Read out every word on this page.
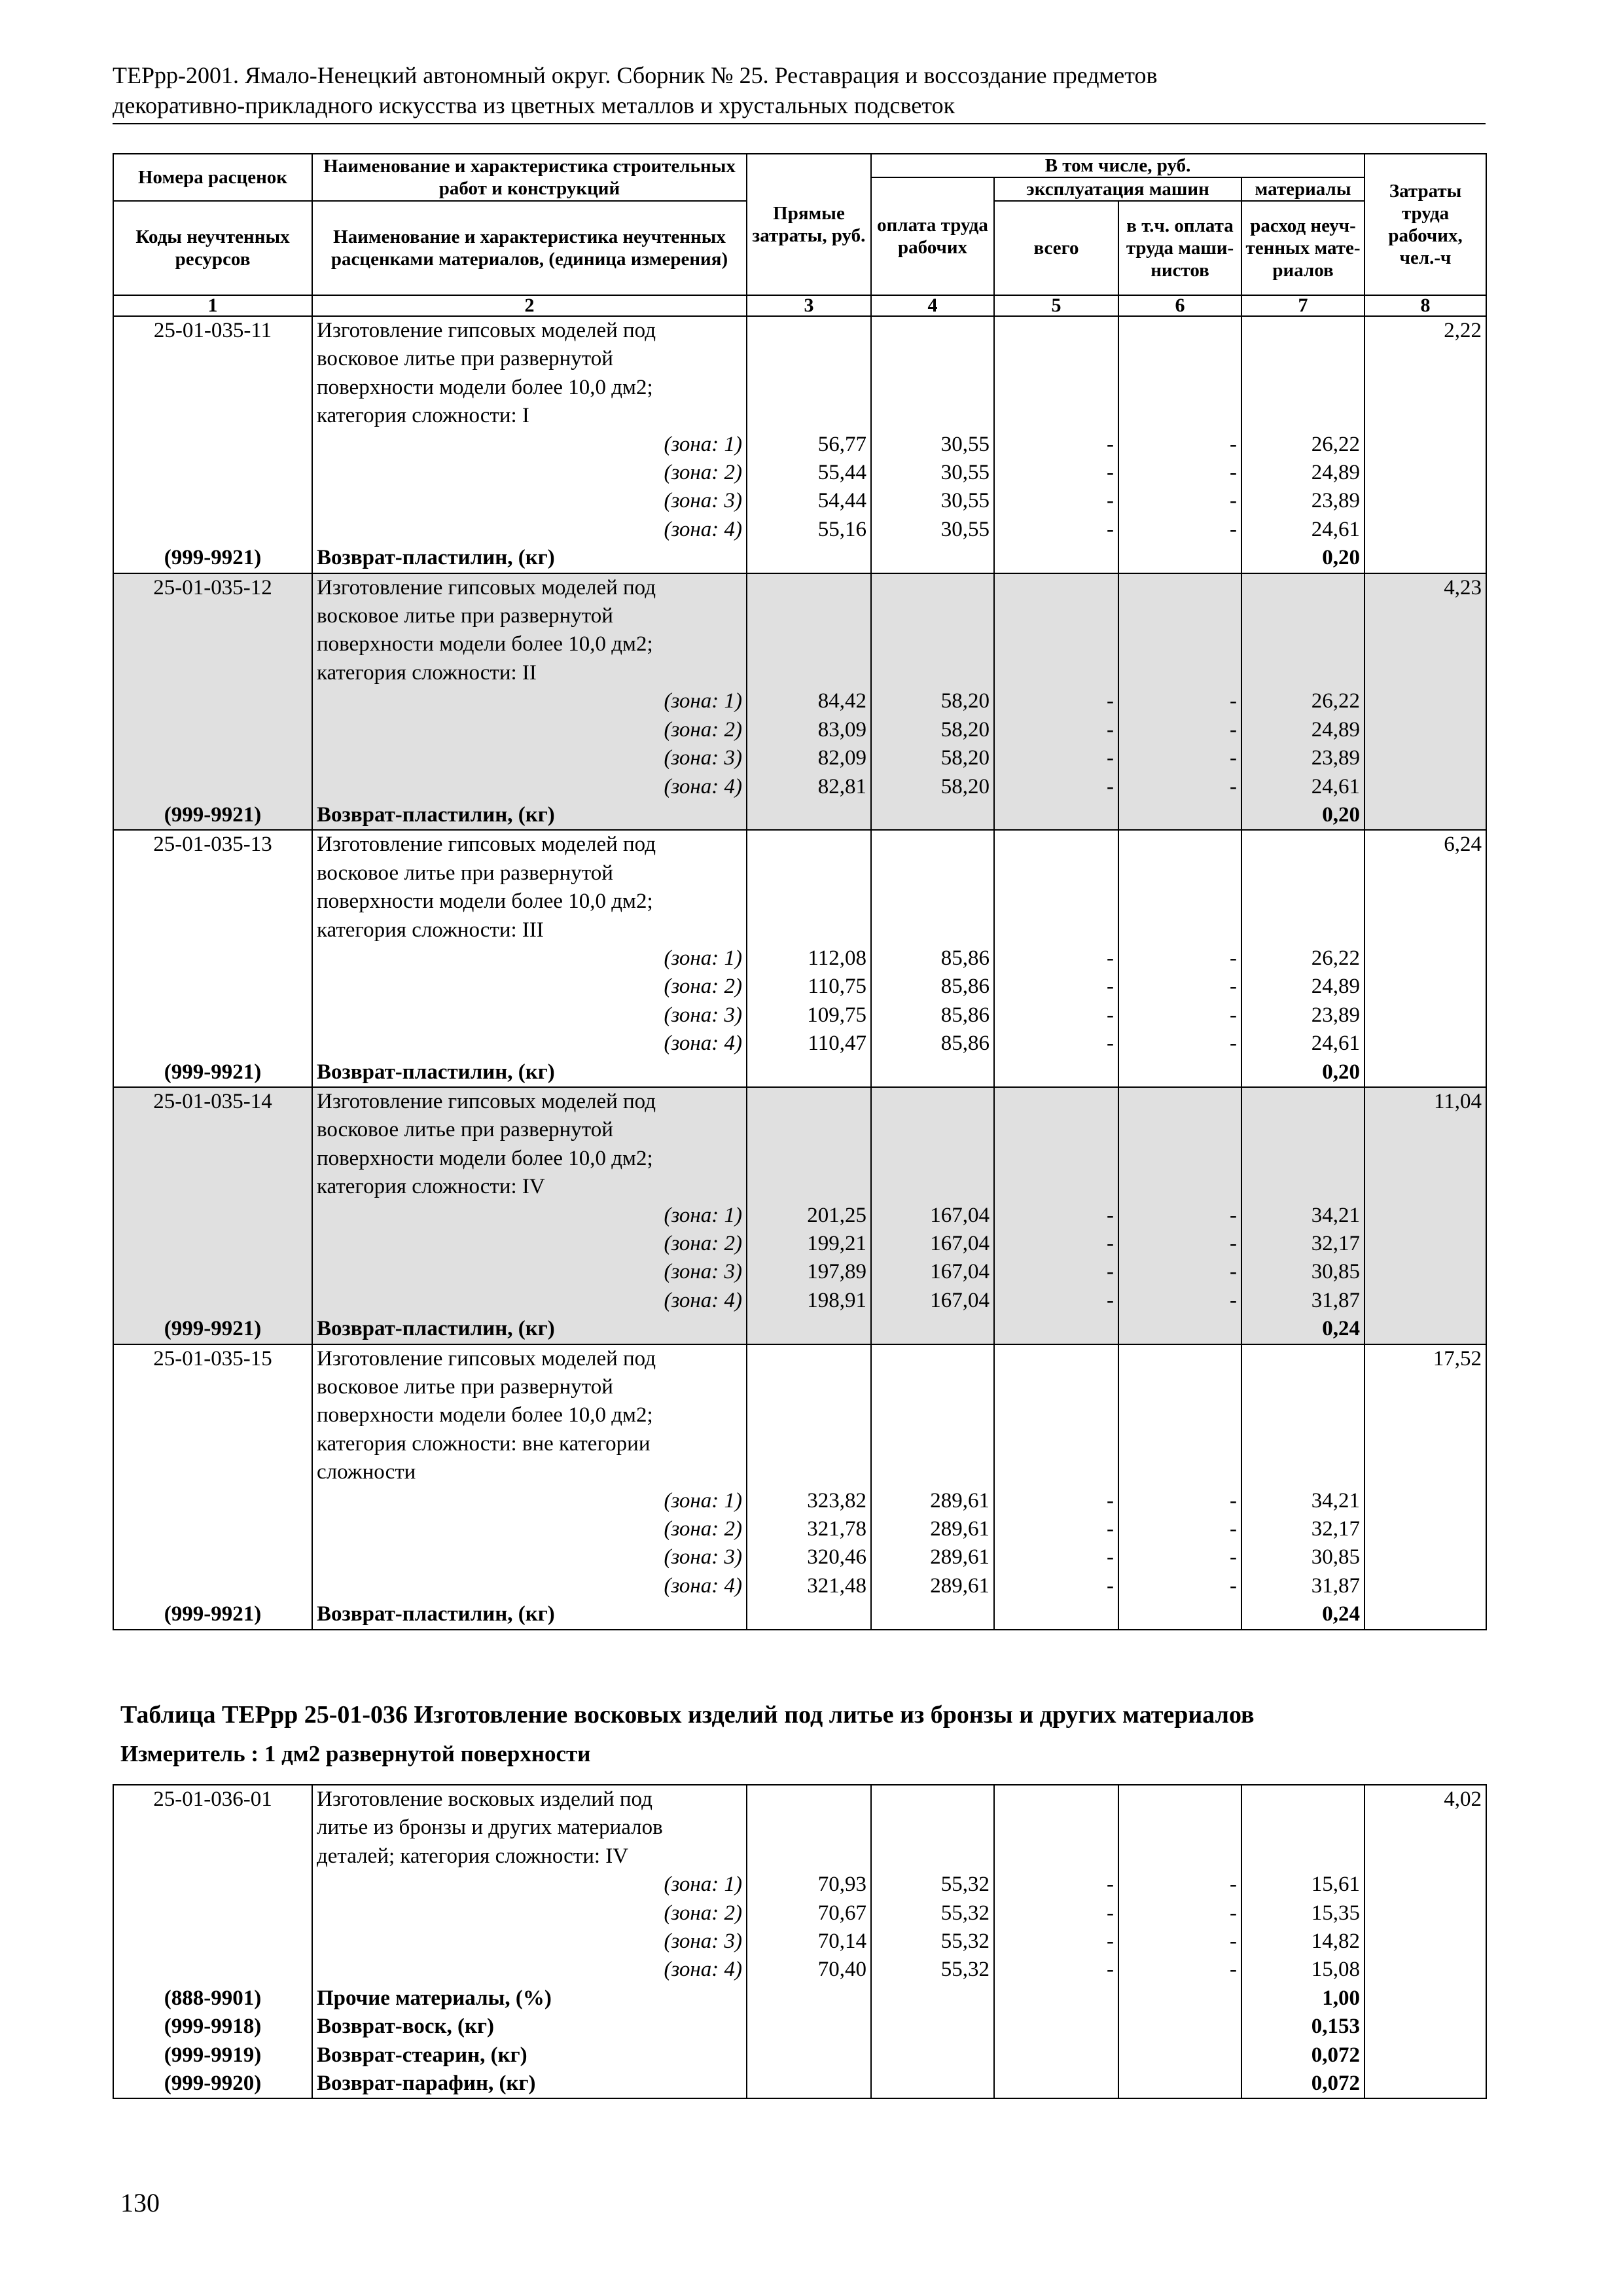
ТЕРрр-2001. Ямало-Ненецкий автономный округ. Сборник № 25. Реставрация и воссоздание предметов
декоративно-прикладного искусства из цветных металлов и хрустальных подсветок
Номера расценок	Наименование и характеристика строительных работ и конструкций	Прямые затраты, руб.	В том числе, руб.				Затраты труда рабочих, чел.-ч
			оплата труда рабочих	эксплуатация машин		материалы	
Коды неучтенных ресурсов	Наименование и характеристика неучтенных расценками материалов, (единица измерения)			всего	в т.ч. оплата труда маши-нистов	расход неуч-тенных мате-риалов	

1	2	3	4	5	6	7	8
25-01-035-11	Изготовление гипсовых моделей под						2,22
	восковое литье при развернутой						
	поверхности модели более 10,0 дм2;						
	категория сложности: I						
	(зона: 1)	56,77	30,55	-	-	26,22	
	(зона: 2)	55,44	30,55	-	-	24,89	
	(зона: 3)	54,44	30,55	-	-	23,89	
	(зона: 4)	55,16	30,55	-	-	24,61	
(999-9921)	Возврат-пластилин, (кг)					0,20	
25-01-035-12	Изготовление гипсовых моделей под						4,23
	восковое литье при развернутой						
	поверхности модели более 10,0 дм2;						
	категория сложности: II						
	(зона: 1)	84,42	58,20	-	-	26,22	
	(зона: 2)	83,09	58,20	-	-	24,89	
	(зона: 3)	82,09	58,20	-	-	23,89	
	(зона: 4)	82,81	58,20	-	-	24,61	
(999-9921)	Возврат-пластилин, (кг)					0,20	
25-01-035-13	Изготовление гипсовых моделей под						6,24
	восковое литье при развернутой						
	поверхности модели более 10,0 дм2;						
	категория сложности: III						
	(зона: 1)	112,08	85,86	-	-	26,22	
	(зона: 2)	110,75	85,86	-	-	24,89	
	(зона: 3)	109,75	85,86	-	-	23,89	
	(зона: 4)	110,47	85,86	-	-	24,61	
(999-9921)	Возврат-пластилин, (кг)					0,20	
25-01-035-14	Изготовление гипсовых моделей под						11,04
	восковое литье при развернутой						
	поверхности модели более 10,0 дм2;						
	категория сложности: IV						
	(зона: 1)	201,25	167,04	-	-	34,21	
	(зона: 2)	199,21	167,04	-	-	32,17	
	(зона: 3)	197,89	167,04	-	-	30,85	
	(зона: 4)	198,91	167,04	-	-	31,87	
(999-9921)	Возврат-пластилин, (кг)					0,24	
25-01-035-15	Изготовление гипсовых моделей под						17,52
	восковое литье при развернутой						
	поверхности модели более 10,0 дм2;						
	категория сложности: вне категории						
	сложности						
	(зона: 1)	323,82	289,61	-	-	34,21	
	(зона: 2)	321,78	289,61	-	-	32,17	
	(зона: 3)	320,46	289,61	-	-	30,85	
	(зона: 4)	321,48	289,61	-	-	31,87	
(999-9921)	Возврат-пластилин, (кг)					0,24	
Таблица ТЕРрр 25-01-036 Изготовление восковых изделий под литье из бронзы и других материалов
Измеритель : 1 дм2 развернутой поверхности
25-01-036-01	Изготовление восковых изделий под						4,02
	литье из бронзы и других материалов						
	деталей; категория сложности: IV						
	(зона: 1)	70,93	55,32	-	-	15,61	
	(зона: 2)	70,67	55,32	-	-	15,35	
	(зона: 3)	70,14	55,32	-	-	14,82	
	(зона: 4)	70,40	55,32	-	-	15,08	
(888-9901)	Прочие материалы, (%)					1,00	
(999-9918)	Возврат-воск, (кг)					0,153	
(999-9919)	Возврат-стеарин, (кг)					0,072	
(999-9920)	Возврат-парафин, (кг)					0,072	
130
